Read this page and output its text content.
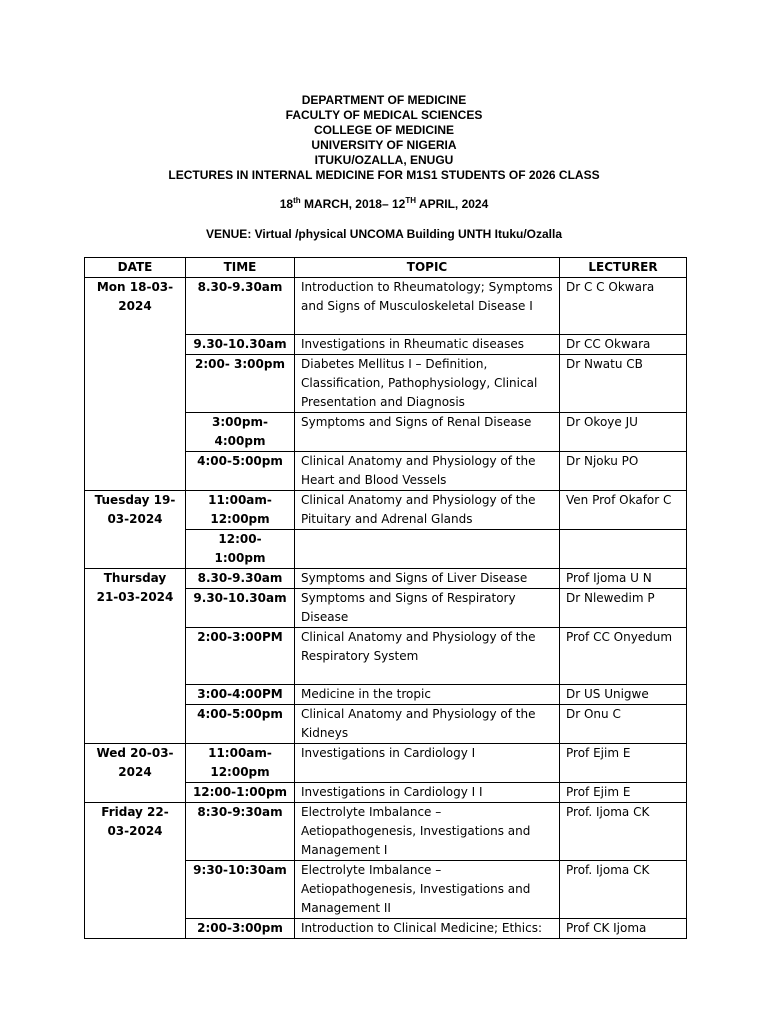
DEPARTMENT OF MEDICINE
FACULTY OF MEDICAL SCIENCES
COLLEGE OF MEDICINE
UNIVERSITY OF NIGERIA
ITUKU/OZALLA, ENUGU
LECTURES IN INTERNAL MEDICINE FOR M1S1 STUDENTS OF 2026 CLASS
18th MARCH, 2018– 12TH APRIL, 2024
VENUE: Virtual /physical UNCOMA Building UNTH Ituku/Ozalla
DATE	TIME	TOPIC	LECTURER
Mon 18-03-2024	8.30-9.30am	Introduction to Rheumatology; Symptoms and Signs of Musculoskeletal Disease I	Dr C C Okwara
	9.30-10.30am	Investigations in Rheumatic diseases	Dr CC Okwara
	2:00- 3:00pm	Diabetes Mellitus I – Definition, Classification, Pathophysiology, Clinical Presentation and Diagnosis	Dr Nwatu CB
	3:00pm-4:00pm	Symptoms and Signs of Renal Disease	Dr Okoye JU
	4:00-5:00pm	Clinical Anatomy and Physiology of the Heart and Blood Vessels	Dr Njoku PO
Tuesday 19-03-2024	11:00am-12:00pm	Clinical Anatomy and Physiology of the Pituitary and Adrenal Glands	Ven Prof Okafor C
	12:00- 1:00pm		
Thursday 21-03-2024	8.30-9.30am	Symptoms and Signs of Liver Disease	Prof Ijoma U N
	9.30-10.30am	Symptoms and Signs of Respiratory Disease	Dr Nlewedim P
	2:00-3:00PM	Clinical Anatomy and Physiology of the Respiratory System	Prof CC Onyedum
	3:00-4:00PM	Medicine in the tropic	Dr US Unigwe
	4:00-5:00pm	Clinical Anatomy and Physiology of the Kidneys	Dr Onu C
Wed 20-03-2024	11:00am-12:00pm	Investigations in Cardiology I	Prof Ejim E
	12:00-1:00pm	Investigations in Cardiology I I	Prof Ejim E
Friday 22-03-2024	8:30-9:30am	Electrolyte Imbalance – Aetiopathogenesis, Investigations and Management I	Prof. Ijoma CK
	9:30-10:30am	Electrolyte Imbalance – Aetiopathogenesis, Investigations and Management II	Prof. Ijoma CK
	2:00-3:00pm	Introduction to Clinical Medicine; Ethics:	Prof CK Ijoma
